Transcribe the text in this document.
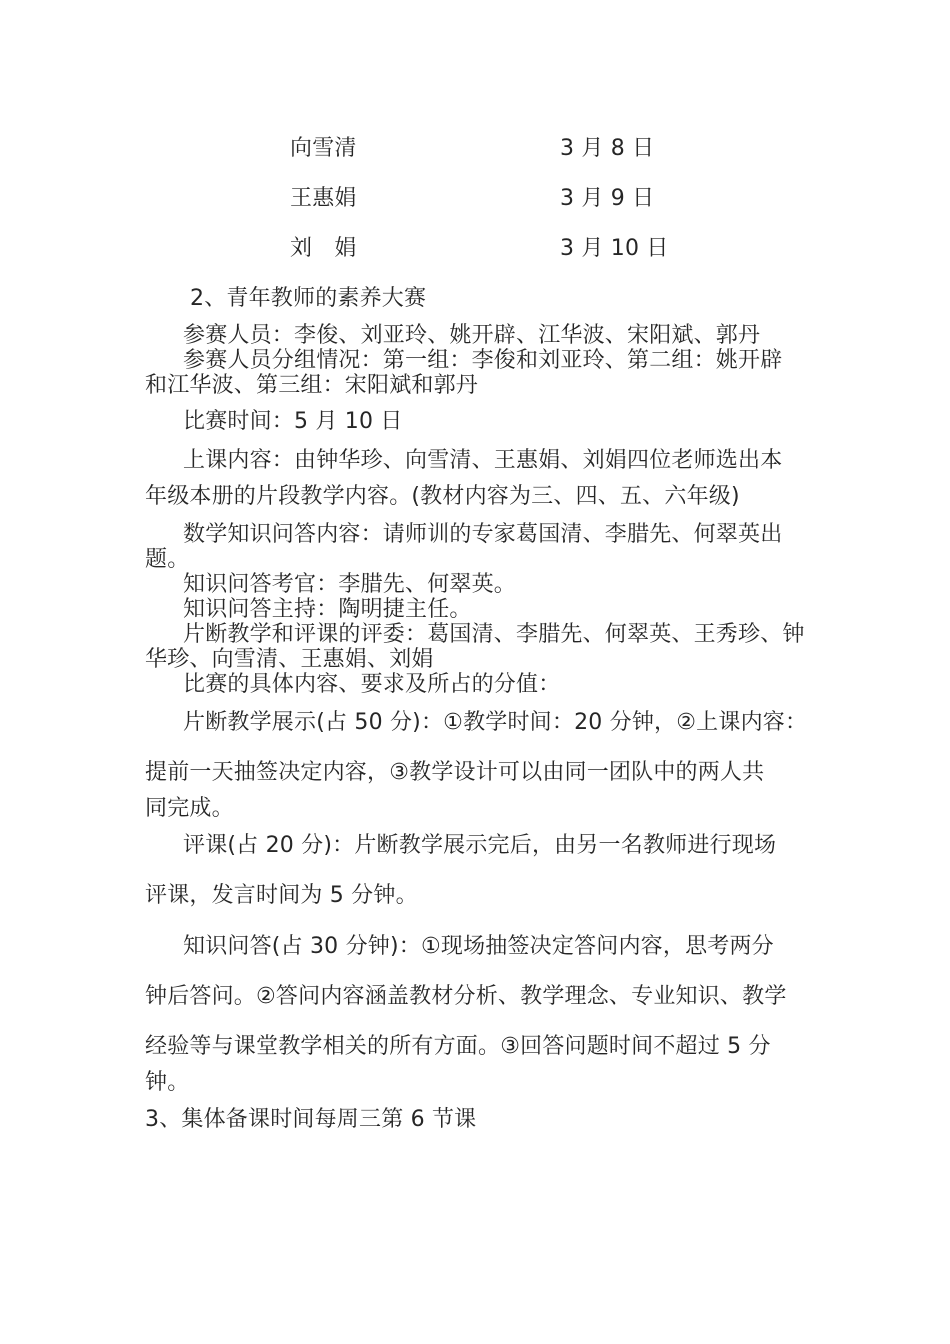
向雪清	3 月 8 日

王惠娟	3 月 9 日

刘　娟	3 月 10 日

2、青年教师的素养大赛

参赛人员：李俊、刘亚玲、姚开辟、江华波、宋阳斌、郭丹

参赛人员分组情况：第一组：李俊和刘亚玲、第二组：姚开辟

和江华波、第三组：宋阳斌和郭丹

比赛时间：5 月 10 日

上课内容：由钟华珍、向雪清、王惠娟、刘娟四位老师选出本

年级本册的片段教学内容。(教材内容为三、四、五、六年级)

数学知识问答内容：请师训的专家葛国清、李腊先、何翠英出

题。

知识问答考官：李腊先、何翠英。

知识问答主持：陶明捷主任。

片断教学和评课的评委：葛国清、李腊先、何翠英、王秀珍、钟

华珍、向雪清、王惠娟、刘娟

比赛的具体内容、要求及所占的分值：

片断教学展示(占 50 分)：①教学时间：20 分钟，②上课内容：

提前一天抽签决定内容，③教学设计可以由同一团队中的两人共

同完成。

评课(占 20 分)：片断教学展示完后，由另一名教师进行现场

评课，发言时间为 5 分钟。

知识问答(占 30 分钟)：①现场抽签决定答问内容，思考两分

钟后答问。②答问内容涵盖教材分析、教学理念、专业知识、教学

经验等与课堂教学相关的所有方面。③回答问题时间不超过 5 分

钟。

3、集体备课时间每周三第 6 节课
